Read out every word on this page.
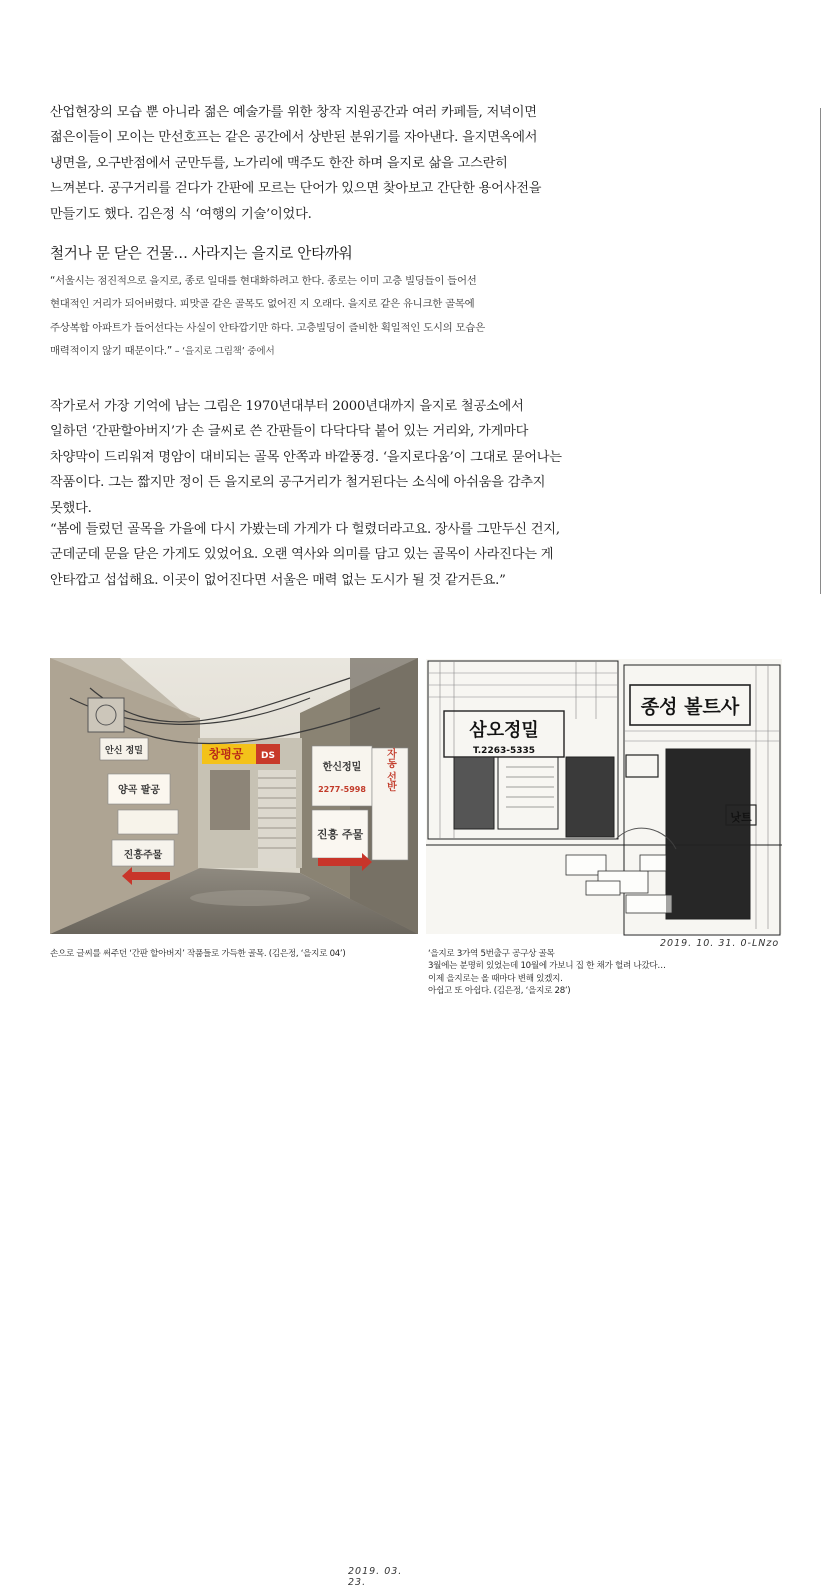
산업현장의 모습 뿐 아니라 젊은 예술가를 위한 창작 지원공간과 여러 카페들, 저녁이면
젊은이들이 모이는 만선호프는 같은 공간에서 상반된 분위기를 자아낸다. 을지면옥에서
냉면을, 오구반점에서 군만두를, 노가리에 맥주도 한잔 하며 을지로 삶을 고스란히
느껴본다. 공구거리를 걷다가 간판에 모르는 단어가 있으면 찾아보고 간단한 용어사전을
만들기도 했다. 김은정 식 ‘여행의 기술’이었다.

철거나 문 닫은 건물… 사라지는 을지로 안타까워

“서울시는 점진적으로 을지로, 종로 일대를 현대화하려고 한다. 종로는 이미 고층 빌딩들이 들어선
현대적인 거리가 되어버렸다. 피맛골 같은 골목도 없어진 지 오래다. 을지로 같은 유니크한 골목에
주상복합 아파트가 들어선다는 사실이 안타깝기만 하다. 고층빌딩이 즐비한 획일적인 도시의 모습은
매력적이지 않기 때문이다.” – ‘을지로 그림책’ 중에서

작가로서 가장 기억에 남는 그림은 1970년대부터 2000년대까지 을지로 철공소에서
일하던 ‘간판할아버지’가 손 글씨로 쓴 간판들이 다닥다닥 붙어 있는 거리와, 가게마다
차양막이 드리워져 명암이 대비되는 골목 안쪽과 바깥풍경. ‘을지로다움’이 그대로 묻어나는
작품이다. 그는 짧지만 정이 든 을지로의 공구거리가 철거된다는 소식에 아쉬움을 감추지
못했다.

“봄에 들렀던 골목을 가을에 다시 가봤는데 가게가 다 헐렸더라고요. 장사를 그만두신 건지,
군데군데 문을 닫은 가게도 있었어요. 오랜 역사와 의미를 담고 있는 골목이 사라진다는 게
안타깝고 섭섭해요. 이곳이 없어진다면 서울은 매력 없는 도시가 될 것 같거든요.”

창평공 DS
안신 정밀
양곡 팔공
진흥주물
한신정밀
2277-5998
진흥 주물
자동 선반
2019. 03. 23.
삼오정밀
T.2263-5335
종성 볼트사
낫트
2019. 10. 31. 0-LNzo

손으로 글씨를 써주던 ‘간판 할아버지’ 작품들로 가득한 골목. (김은정, ‘을지로 04’)	‘을지로 3가역 5번출구 공구상 골목
3월에는 분명히 있었는데 10월에 가보니 집 한 채가 헐려 나갔다…
이제 을지로는 올 때마다 변해 있겠지.
아쉽고 또 아쉽다. (김은정, ‘을지로 28’)
